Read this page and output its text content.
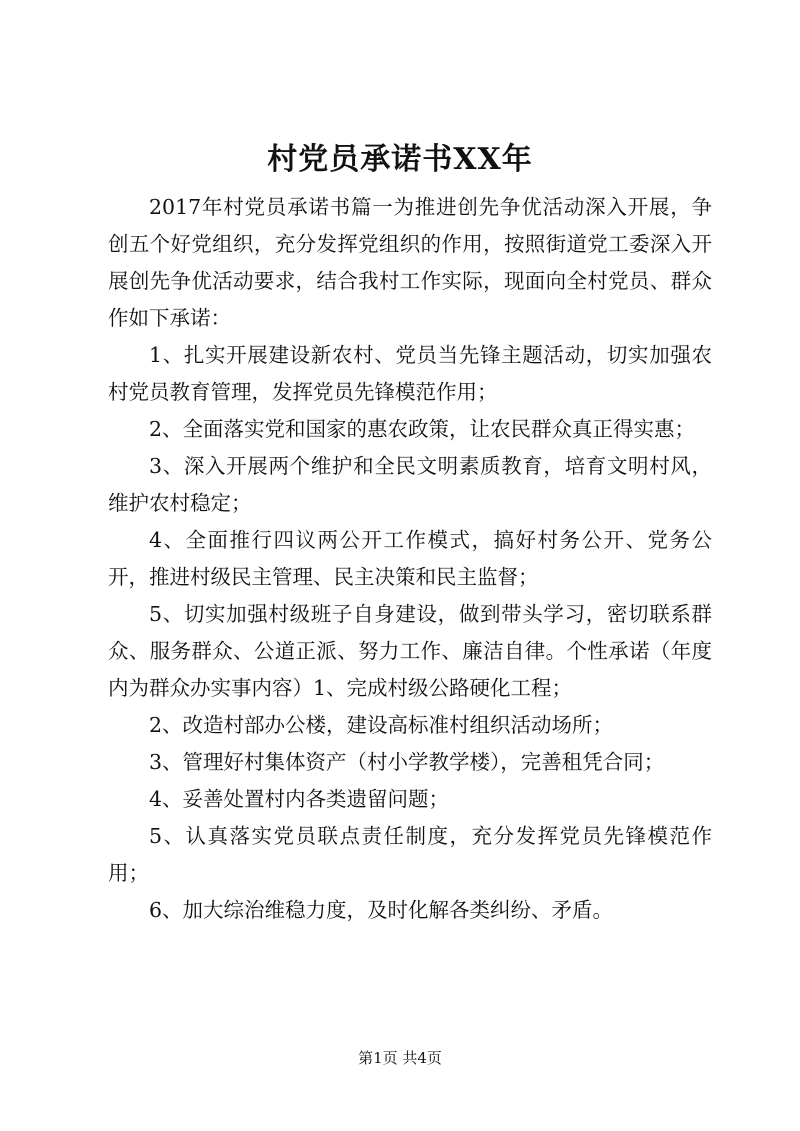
村党员承诺书XX年

2017年村党员承诺书篇一为推进创先争优活动深入开展，争创五个好党组织，充分发挥党组织的作用，按照街道党工委深入开展创先争优活动要求，结合我村工作实际，现面向全村党员、群众作如下承诺：

1、扎实开展建设新农村、党员当先锋主题活动，切实加强农村党员教育管理，发挥党员先锋模范作用；

2、全面落实党和国家的惠农政策，让农民群众真正得实惠；

3、深入开展两个维护和全民文明素质教育，培育文明村风，维护农村稳定；

4、全面推行四议两公开工作模式，搞好村务公开、党务公开，推进村级民主管理、民主决策和民主监督；

5、切实加强村级班子自身建设，做到带头学习，密切联系群众、服务群众、公道正派、努力工作、廉洁自律。个性承诺（年度内为群众办实事内容）1、完成村级公路硬化工程；

2、改造村部办公楼，建设高标准村组织活动场所；

3、管理好村集体资产（村小学教学楼），完善租凭合同；

4、妥善处置村内各类遗留问题；

5、认真落实党员联点责任制度，充分发挥党员先锋模范作用；

6、加大综治维稳力度，及时化解各类纠纷、矛盾。

第1页 共4页
